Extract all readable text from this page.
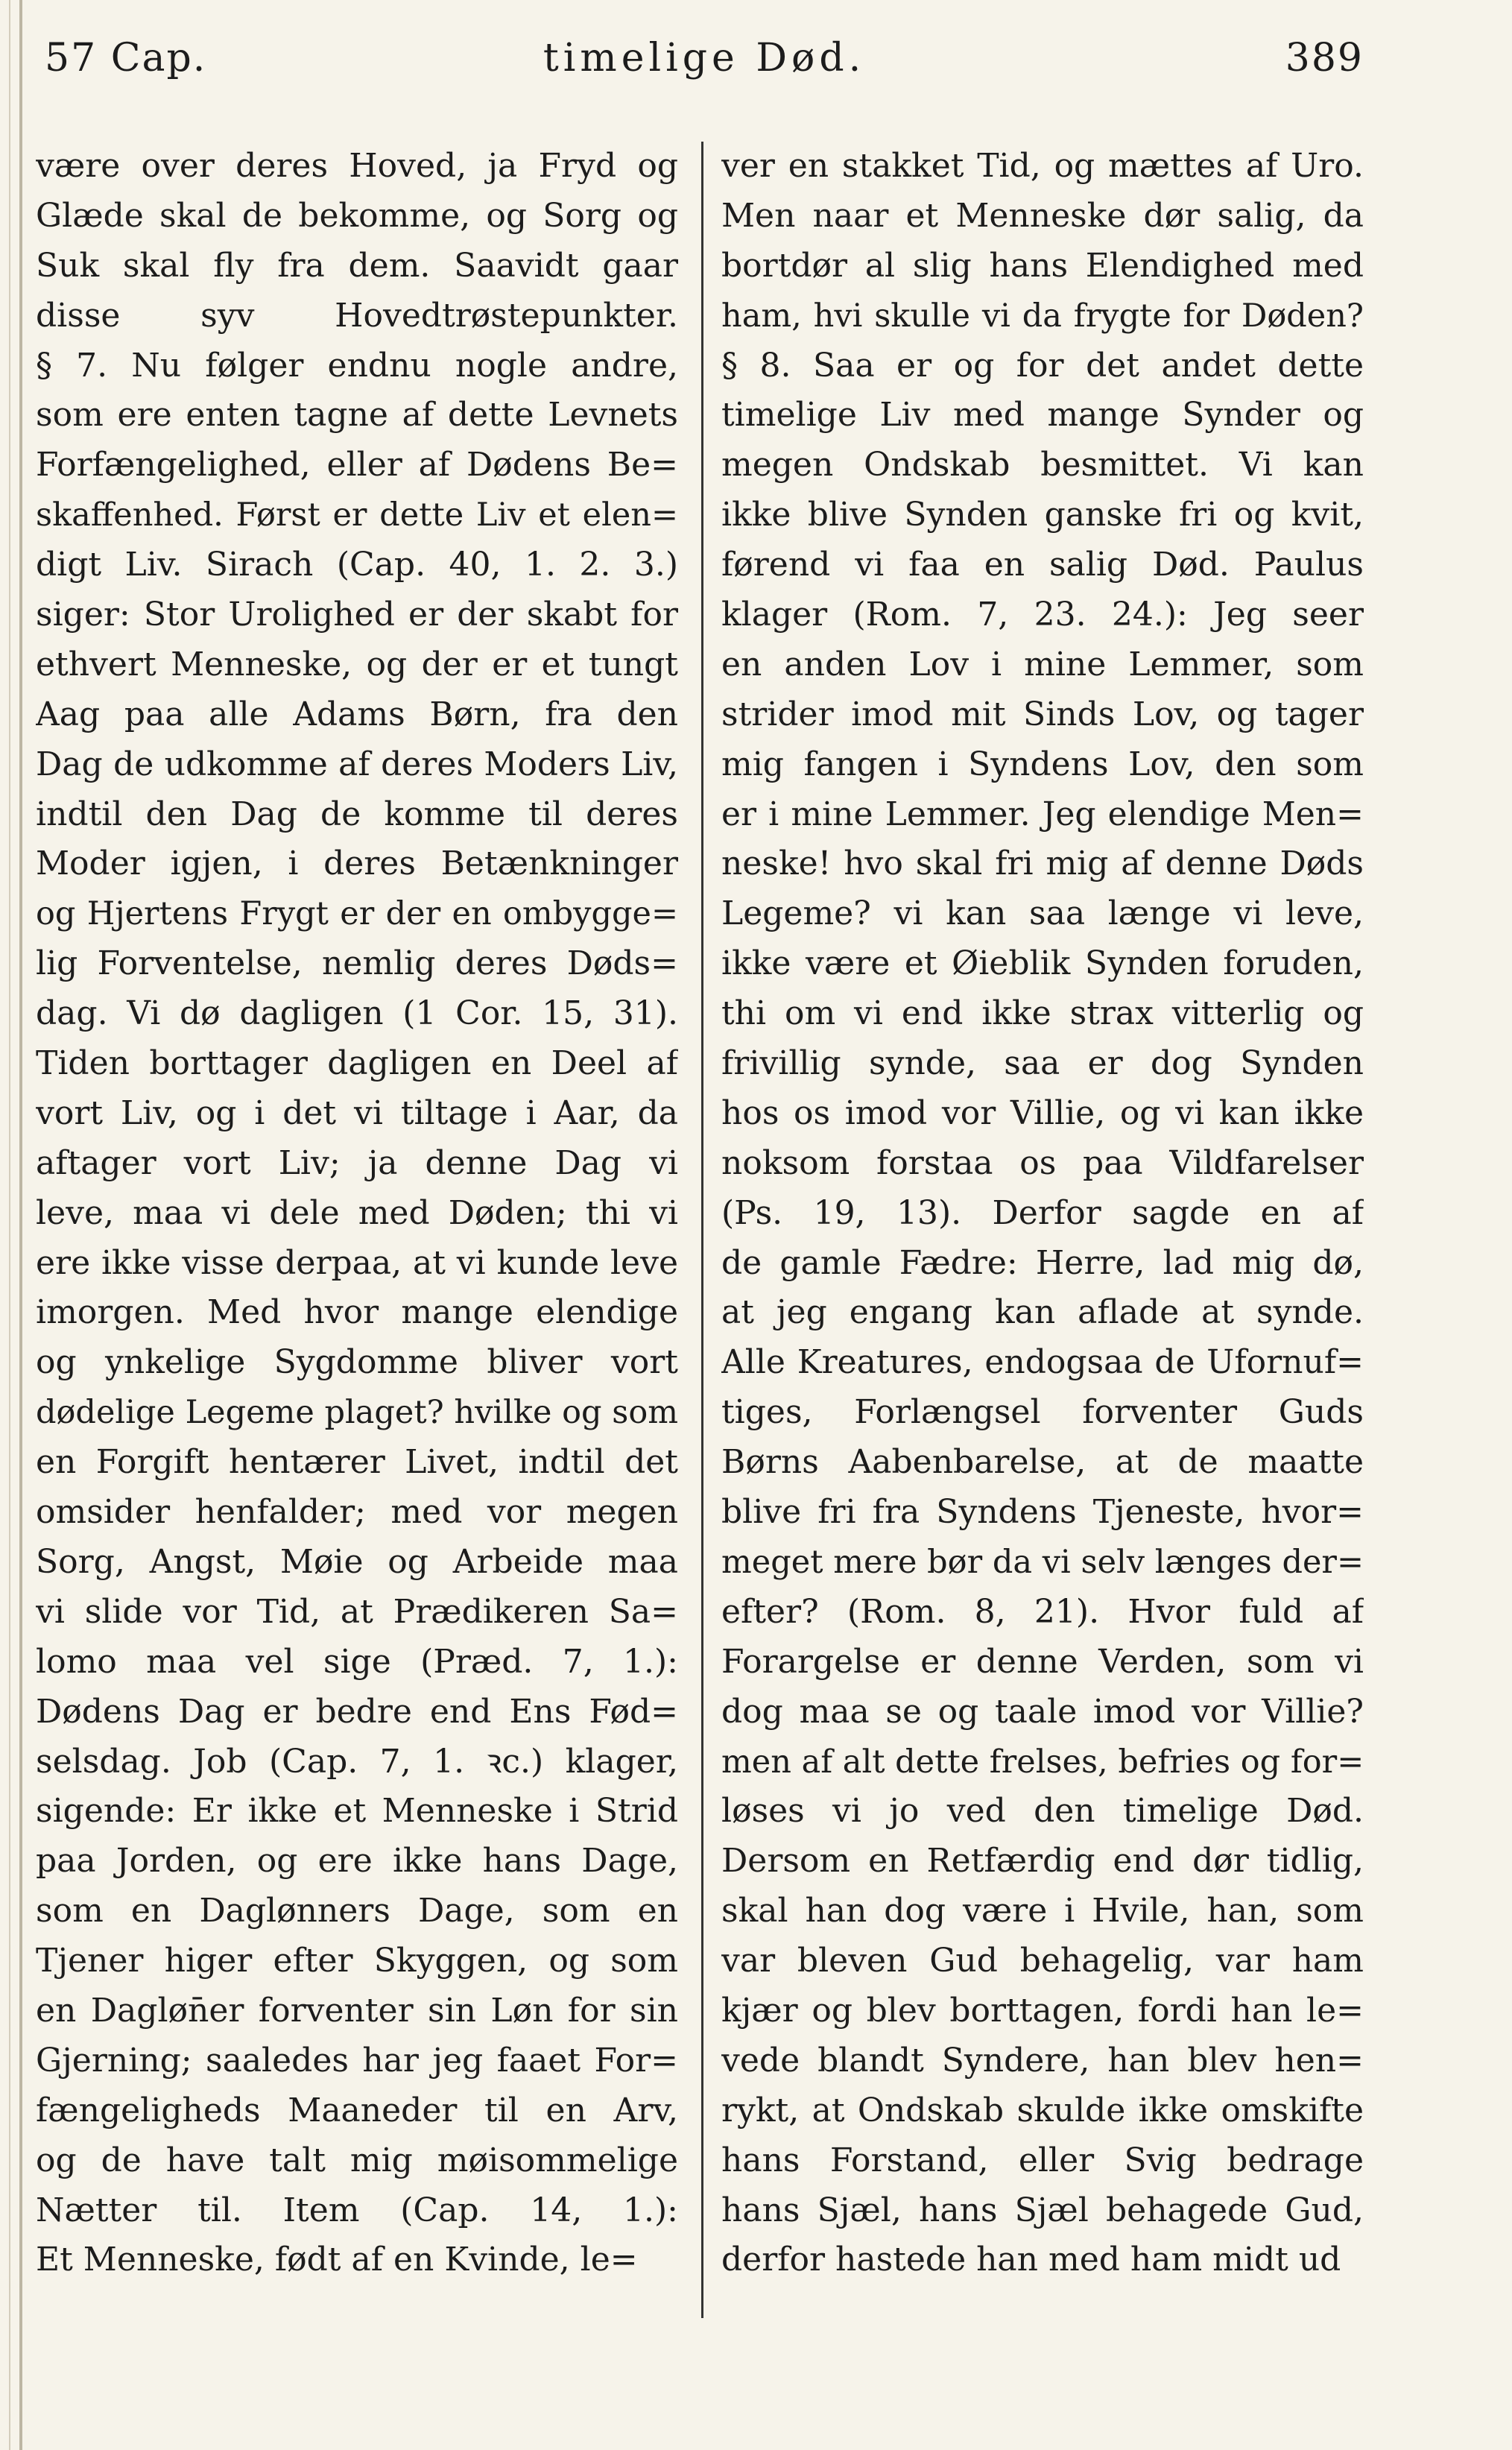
57 Cap.	timelige Død.	389
være over deres Hoved, ja Fryd og
Glæde skal de bekomme, og Sorg og
Suk skal fly fra dem. Saavidt gaar
disse syv Hovedtrøstepunkter.
§ 7. Nu følger endnu nogle andre,
som ere enten tagne af dette Levnets
Forfængelighed, eller af Dødens Be=
skaffenhed. Først er dette Liv et elen=
digt Liv. Sirach (Cap. 40, 1. 2. 3.)
siger: Stor Urolighed er der skabt for
ethvert Menneske, og der er et tungt
Aag paa alle Adams Børn, fra den
Dag de udkomme af deres Moders Liv,
indtil den Dag de komme til deres
Moder igjen, i deres Betænkninger
og Hjertens Frygt er der en ombygge=
lig Forventelse, nemlig deres Døds=
dag. Vi dø dagligen (1 Cor. 15, 31).
Tiden borttager dagligen en Deel af
vort Liv, og i det vi tiltage i Aar, da
aftager vort Liv; ja denne Dag vi
leve, maa vi dele med Døden; thi vi
ere ikke visse derpaa, at vi kunde leve
imorgen. Med hvor mange elendige
og ynkelige Sygdomme bliver vort
dødelige Legeme plaget? hvilke og som
en Forgift hentærer Livet, indtil det
omsider henfalder; med vor megen
Sorg, Angst, Møie og Arbeide maa
vi slide vor Tid, at Prædikeren Sa=
lomo maa vel sige (Præd. 7, 1.):
Dødens Dag er bedre end Ens Fød=
selsdag. Job (Cap. 7, 1. ꝛc.) klager,
sigende: Er ikke et Menneske i Strid
paa Jorden, og ere ikke hans Dage,
som en Daglønners Dage, som en
Tjener higer efter Skyggen, og som
en Dagløn̄er forventer sin Løn for sin
Gjerning; saaledes har jeg faaet For=
fængeligheds Maaneder til en Arv,
og de have talt mig møisommelige
Nætter til. Item (Cap. 14, 1.):
Et Menneske, født af en Kvinde, le=
ver en stakket Tid, og mættes af Uro.
Men naar et Menneske dør salig, da
bortdør al slig hans Elendighed med
ham, hvi skulle vi da frygte for Døden?
§ 8. Saa er og for det andet dette
timelige Liv med mange Synder og
megen Ondskab besmittet. Vi kan
ikke blive Synden ganske fri og kvit,
førend vi faa en salig Død. Paulus
klager (Rom. 7, 23. 24.): Jeg seer
en anden Lov i mine Lemmer, som
strider imod mit Sinds Lov, og tager
mig fangen i Syndens Lov, den som
er i mine Lemmer. Jeg elendige Men=
neske! hvo skal fri mig af denne Døds
Legeme? vi kan saa længe vi leve,
ikke være et Øieblik Synden foruden,
thi om vi end ikke strax vitterlig og
frivillig synde, saa er dog Synden
hos os imod vor Villie, og vi kan ikke
noksom forstaa os paa Vildfarelser
(Ps. 19, 13). Derfor sagde en af
de gamle Fædre: Herre, lad mig dø,
at jeg engang kan aflade at synde.
Alle Kreatures, endogsaa de Ufornuf=
tiges, Forlængsel forventer Guds
Børns Aabenbarelse, at de maatte
blive fri fra Syndens Tjeneste, hvor=
meget mere bør da vi selv længes der=
efter? (Rom. 8, 21). Hvor fuld af
Forargelse er denne Verden, som vi
dog maa se og taale imod vor Villie?
men af alt dette frelses, befries og for=
løses vi jo ved den timelige Død.
Dersom en Retfærdig end dør tidlig,
skal han dog være i Hvile, han, som
var bleven Gud behagelig, var ham
kjær og blev borttagen, fordi han le=
vede blandt Syndere, han blev hen=
rykt, at Ondskab skulde ikke omskifte
hans Forstand, eller Svig bedrage
hans Sjæl, hans Sjæl behagede Gud,
derfor hastede han med ham midt ud
